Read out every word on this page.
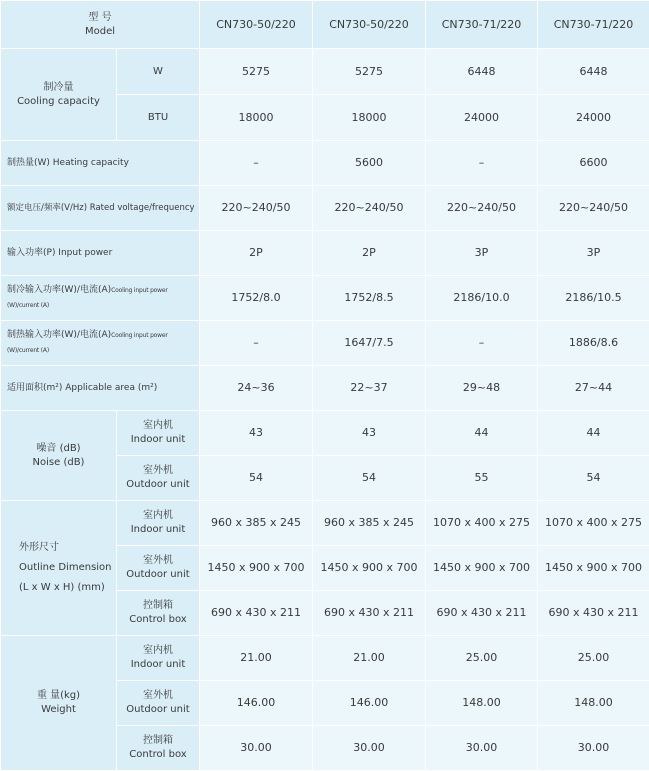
型 号
Model		CN730-50/220	CN730-50/220	CN730-71/220	CN730-71/220

制冷量
Cooling capacity	W	5275	5275	6448	6448
	BTU	18000	18000	24000	24000
制热量(W) Heating capacity		–	5600	–	6600
额定电压/频率(V/Hz) Rated voltage/frequency		220~240/50	220~240/50	220~240/50	220~240/50
输入功率(P) Input power		2P	2P	3P	3P
制冷输入功率(W)/电流(A)Cooling input power (W)/current (A)		1752/8.0	1752/8.5	2186/10.0	2186/10.5
制热输入功率(W)/电流(A)Cooling input power (W)/current (A)		–	1647/7.5	–	1886/8.6
适用面积(m²) Applicable area (m²)		24~36	22~37	29~48	27~44

噪音 (dB)
Noise (dB)	室内机
Indoor unit	43	43	44	44

	室外机
Outdoor unit	54	54	55	54

外形尺寸
Outline Dimension
(L x W x H) (mm)	室内机
Indoor unit	960 x 385 x 245	960 x 385 x 245	1070 x 400 x 275	1070 x 400 x 275

	室外机
Outdoor unit	1450 x 900 x 700	1450 x 900 x 700	1450 x 900 x 700	1450 x 900 x 700

	控制箱
Control box	690 x 430 x 211	690 x 430 x 211	690 x 430 x 211	690 x 430 x 211

重 量(kg)
Weight	室内机
Indoor unit	21.00	21.00	25.00	25.00

	室外机
Outdoor unit	146.00	146.00	148.00	148.00

	控制箱
Control box	30.00	30.00	30.00	30.00
